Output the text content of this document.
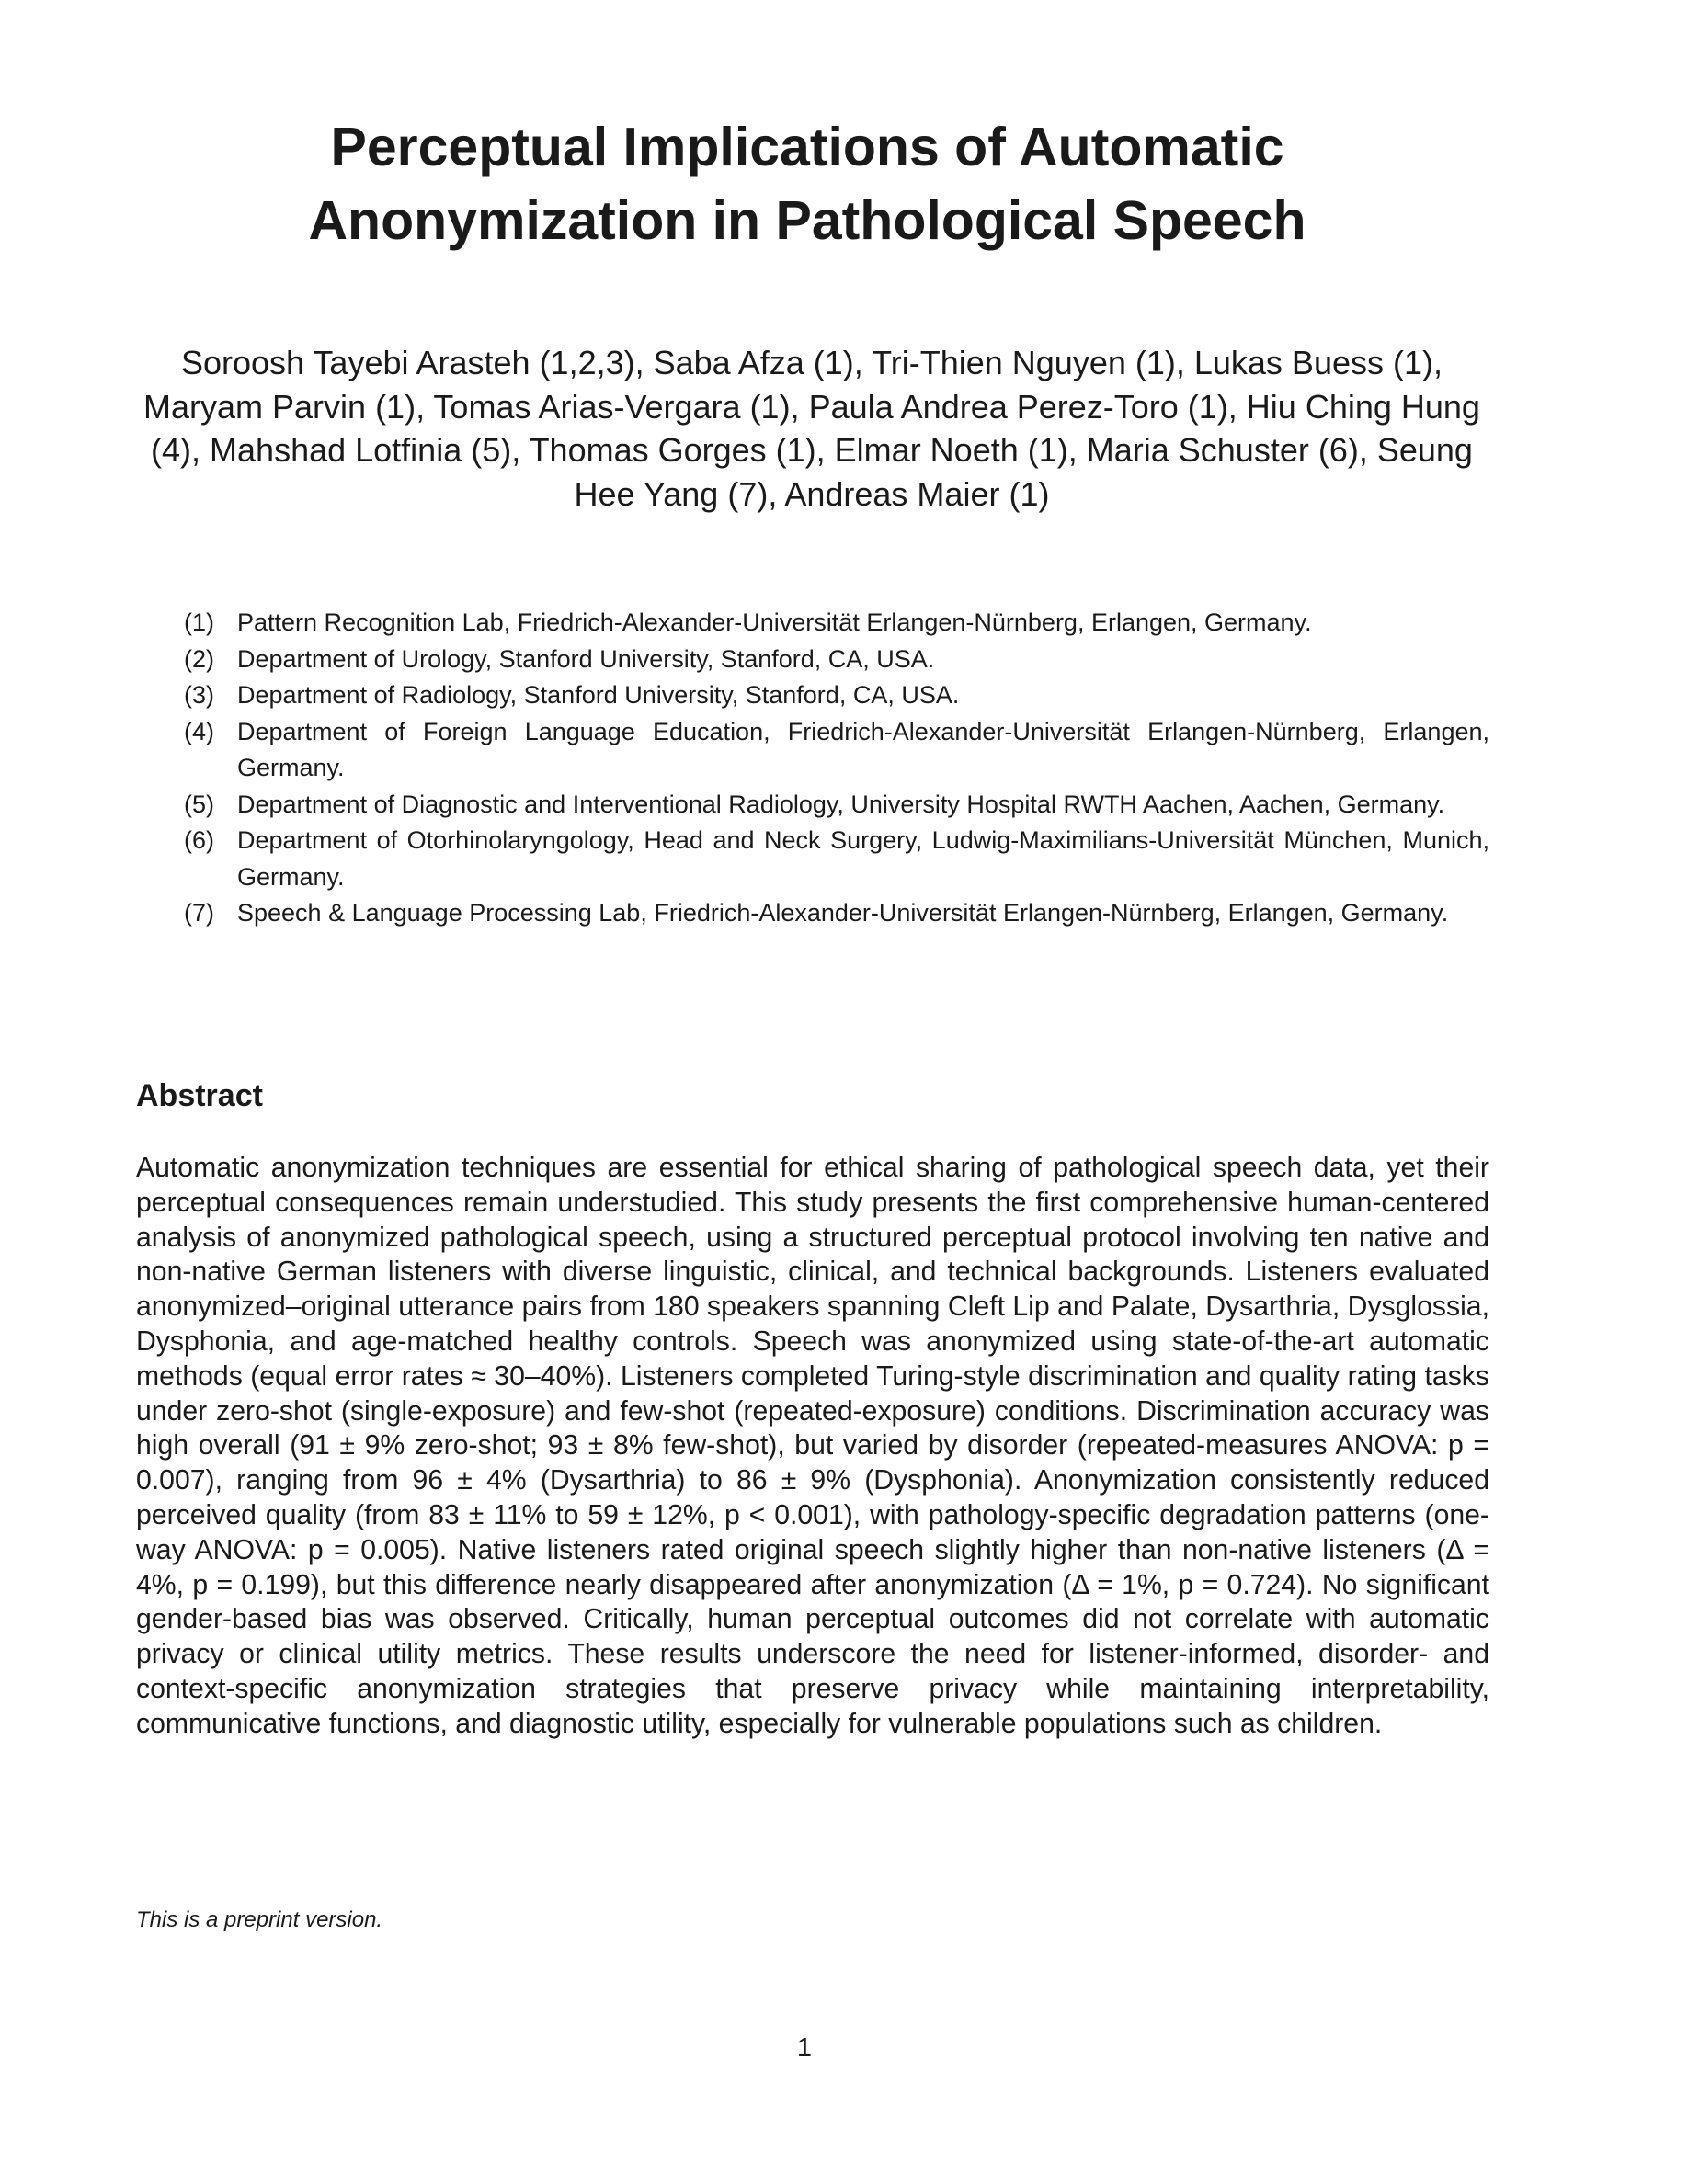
Perceptual Implications of Automatic
Anonymization in Pathological Speech

Soroosh Tayebi Arasteh (1,2,3), Saba Afza (1), Tri-Thien Nguyen (1), Lukas Buess (1), Maryam Parvin (1), Tomas Arias-Vergara (1), Paula Andrea Perez-Toro (1), Hiu Ching Hung (4), Mahshad Lotfinia (5), Thomas Gorges (1), Elmar Noeth (1), Maria Schuster (6), Seung Hee Yang (7), Andreas Maier (1)

(1) Pattern Recognition Lab, Friedrich-Alexander-Universität Erlangen-Nürnberg, Erlangen, Germany.
(2) Department of Urology, Stanford University, Stanford, CA, USA.
(3) Department of Radiology, Stanford University, Stanford, CA, USA.
(4) Department of Foreign Language Education, Friedrich-Alexander-Universität Erlangen-Nürnberg, Erlangen, Germany.
(5) Department of Diagnostic and Interventional Radiology, University Hospital RWTH Aachen, Aachen, Germany.
(6) Department of Otorhinolaryngology, Head and Neck Surgery, Ludwig-Maximilians-Universität München, Munich, Germany.
(7) Speech & Language Processing Lab, Friedrich-Alexander-Universität Erlangen-Nürnberg, Erlangen, Germany.
Abstract

Automatic anonymization techniques are essential for ethical sharing of pathological speech data, yet their perceptual consequences remain understudied. This study presents the first comprehensive human-centered analysis of anonymized pathological speech, using a structured perceptual protocol involving ten native and non-native German listeners with diverse linguistic, clinical, and technical backgrounds. Listeners evaluated anonymized–original utterance pairs from 180 speakers spanning Cleft Lip and Palate, Dysarthria, Dysglossia, Dysphonia, and age-matched healthy controls. Speech was anonymized using state-of-the-art automatic methods (equal error rates ≈ 30–40%). Listeners completed Turing-style discrimination and quality rating tasks under zero-shot (single-exposure) and few-shot (repeated-exposure) conditions. Discrimination accuracy was high overall (91 ± 9% zero-shot; 93 ± 8% few-shot), but varied by disorder (repeated-measures ANOVA: p = 0.007), ranging from 96 ± 4% (Dysarthria) to 86 ± 9% (Dysphonia). Anonymization consistently reduced perceived quality (from 83 ± 11% to 59 ± 12%, p < 0.001), with pathology-specific degradation patterns (one-way ANOVA: p = 0.005). Native listeners rated original speech slightly higher than non-native listeners (Δ = 4%, p = 0.199), but this difference nearly disappeared after anonymization (Δ = 1%, p = 0.724). No significant gender-based bias was observed. Critically, human perceptual outcomes did not correlate with automatic privacy or clinical utility metrics. These results underscore the need for listener-informed, disorder- and context-specific anonymization strategies that preserve privacy while maintaining interpretability, communicative functions, and diagnostic utility, especially for vulnerable populations such as children.

This is a preprint version.

1
